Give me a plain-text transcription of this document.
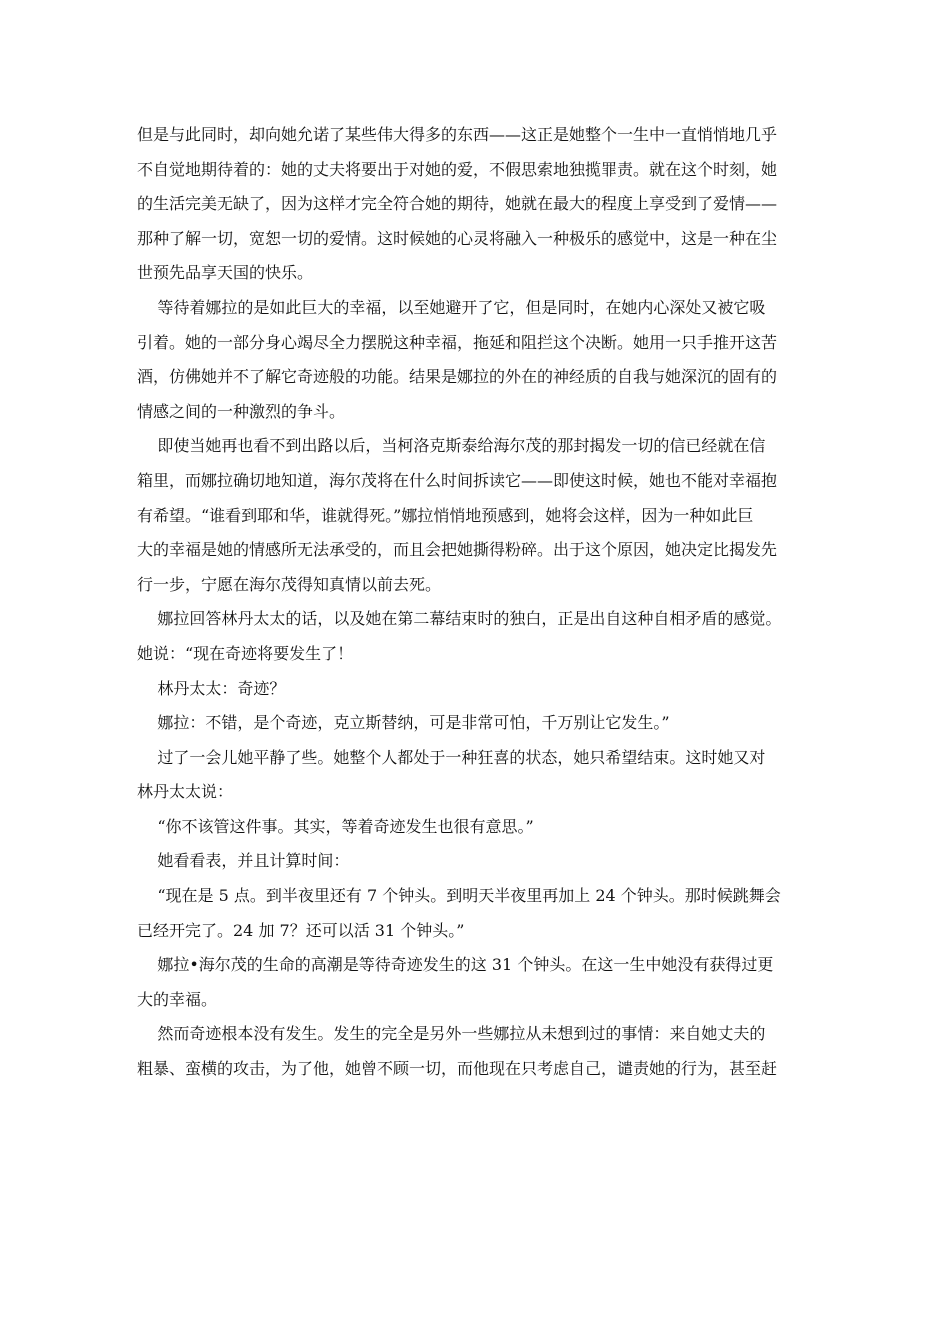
但是与此同时，却向她允诺了某些伟大得多的东西——这正是她整个一生中一直悄悄地几乎

不自觉地期待着的：她的丈夫将要出于对她的爱，不假思索地独揽罪责。就在这个时刻，她

的生活完美无缺了，因为这样才完全符合她的期待，她就在最大的程度上享受到了爱情——

那种了解一切，宽恕一切的爱情。这时候她的心灵将融入一种极乐的感觉中，这是一种在尘

世预先品享天国的快乐。

等待着娜拉的是如此巨大的幸福，以至她避开了它，但是同时，在她内心深处又被它吸

引着。她的一部分身心竭尽全力摆脱这种幸福，拖延和阻拦这个决断。她用一只手推开这苦

酒，仿佛她并不了解它奇迹般的功能。结果是娜拉的外在的神经质的自我与她深沉的固有的

情感之间的一种激烈的争斗。

即使当她再也看不到出路以后，当柯洛克斯泰给海尔茂的那封揭发一切的信已经就在信

箱里，而娜拉确切地知道，海尔茂将在什么时间拆读它——即使这时候，她也不能对幸福抱

有希望。“谁看到耶和华，谁就得死。”娜拉悄悄地预感到，她将会这样，因为一种如此巨

大的幸福是她的情感所无法承受的，而且会把她撕得粉碎。出于这个原因，她决定比揭发先

行一步，宁愿在海尔茂得知真情以前去死。

娜拉回答林丹太太的话，以及她在第二幕结束时的独白，正是出自这种自相矛盾的感觉。

她说：“现在奇迹将要发生了！

林丹太太：奇迹？

娜拉：不错，是个奇迹，克立斯替纳，可是非常可怕，千万别让它发生。”

过了一会儿她平静了些。她整个人都处于一种狂喜的状态，她只希望结束。这时她又对

林丹太太说：

“你不该管这件事。其实，等着奇迹发生也很有意思。”

她看看表，并且计算时间：

“现在是 5 点。到半夜里还有 7 个钟头。到明天半夜里再加上 24 个钟头。那时候跳舞会

已经开完了。24 加 7？还可以活 31 个钟头。”

娜拉•海尔茂的生命的高潮是等待奇迹发生的这 31 个钟头。在这一生中她没有获得过更

大的幸福。

然而奇迹根本没有发生。发生的完全是另外一些娜拉从未想到过的事情：来自她丈夫的

粗暴、蛮横的攻击，为了他，她曾不顾一切，而他现在只考虑自己，谴责她的行为，甚至赶
